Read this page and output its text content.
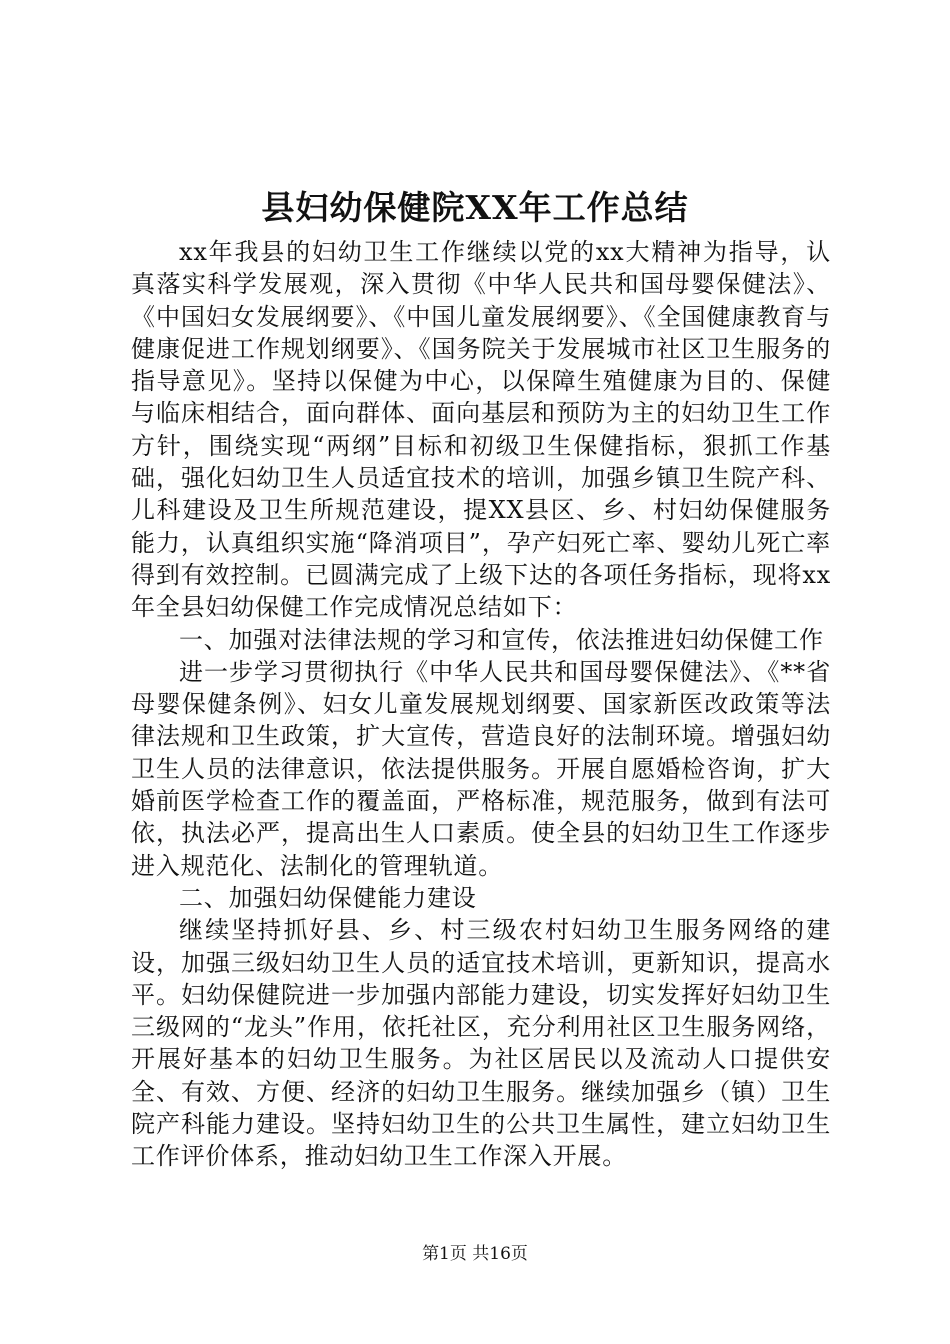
县妇幼保健院XX年工作总结

xx年我县的妇幼卫生工作继续以党的xx大精神为指导，认真落实科学发展观，深入贯彻《中华人民共和国母婴保健法》、《中国妇女发展纲要》、《中国儿童发展纲要》、《全国健康教育与健康促进工作规划纲要》、《国务院关于发展城市社区卫生服务的指导意见》。坚持以保健为中心，以保障生殖健康为目的、保健与临床相结合，面向群体、面向基层和预防为主的妇幼卫生工作方针，围绕实现“两纲”目标和初级卫生保健指标，狠抓工作基础，强化妇幼卫生人员适宜技术的培训，加强乡镇卫生院产科、儿科建设及卫生所规范建设，提XX县区、乡、村妇幼保健服务能力，认真组织实施“降消项目”，孕产妇死亡率、婴幼儿死亡率得到有效控制。已圆满完成了上级下达的各项任务指标，现将xx年全县妇幼保健工作完成情况总结如下：

一、加强对法律法规的学习和宣传，依法推进妇幼保健工作

进一步学习贯彻执行《中华人民共和国母婴保健法》、《**省母婴保健条例》、妇女儿童发展规划纲要、国家新医改政策等法律法规和卫生政策，扩大宣传，营造良好的法制环境。增强妇幼卫生人员的法律意识，依法提供服务。开展自愿婚检咨询，扩大婚前医学检查工作的覆盖面，严格标准，规范服务，做到有法可依，执法必严，提高出生人口素质。使全县的妇幼卫生工作逐步进入规范化、法制化的管理轨道。

二、加强妇幼保健能力建设

继续坚持抓好县、乡、村三级农村妇幼卫生服务网络的建设，加强三级妇幼卫生人员的适宜技术培训，更新知识，提高水平。妇幼保健院进一步加强内部能力建设，切实发挥好妇幼卫生三级网的“龙头”作用，依托社区，充分利用社区卫生服务网络，开展好基本的妇幼卫生服务。为社区居民以及流动人口提供安全、有效、方便、经济的妇幼卫生服务。继续加强乡（镇）卫生院产科能力建设。坚持妇幼卫生的公共卫生属性，建立妇幼卫生工作评价体系，推动妇幼卫生工作深入开展。

第1页 共16页
